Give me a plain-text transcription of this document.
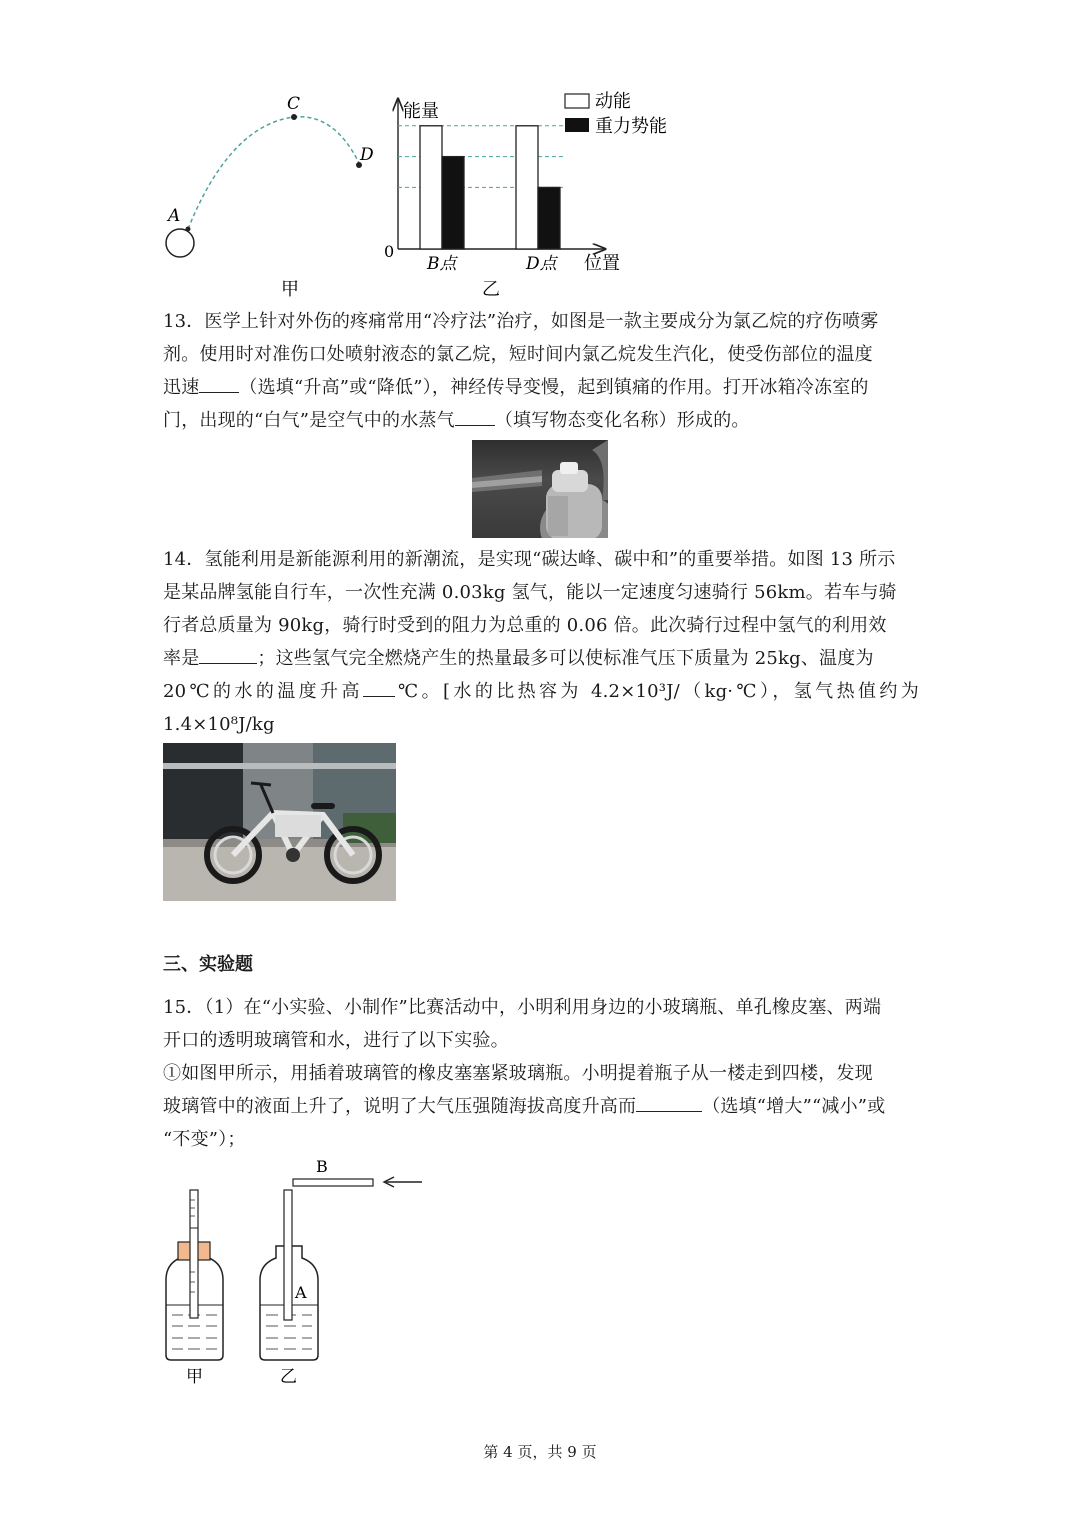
A
C
D
甲
能量
位置
0
B点	D点
乙
动能
重力势能

13．医学上针对外伤的疼痛常用“冷疗法”治疗，如图是一款主要成分为氯乙烷的疗伤喷雾

剂。使用时对准伤口处喷射液态的氯乙烷，短时间内氯乙烷发生汽化，使受伤部位的温度

迅速 （选填“升高”或“降低”），神经传导变慢，起到镇痛的作用。打开冰箱冷冻室的

门，出现的“白气”是空气中的水蒸气 （填写物态变化名称）形成的。

14．氢能利用是新能源利用的新潮流，是实现“碳达峰、碳中和”的重要举措。如图 13 所示

是某品牌氢能自行车，一次性充满 0.03kg 氢气，能以一定速度匀速骑行 56km。若车与骑

行者总质量为 90kg，骑行时受到的阻力为总重的 0.06 倍。此次骑行过程中氢气的利用效

率是	；这些氢气完全燃烧产生的热量最多可以使标准气压下质量为 25kg、温度为

20℃的水的温度升高 ℃。[水的比热容为 4.2×10³J/（kg·℃），氢气热值约为 1.4×10⁸J/kg

三、实验题

15．（1）在“小实验、小制作”比赛活动中，小明利用身边的小玻璃瓶、单孔橡皮塞、两端

开口的透明玻璃管和水，进行了以下实验。

①如图甲所示，用插着玻璃管的橡皮塞塞紧玻璃瓶。小明提着瓶子从一楼走到四楼，发现

玻璃管中的液面上升了，说明了大气压强随海拔高度升高而	（选填“增大”“减小”或

“不变”）；

甲
A
B
乙
第 4 页，共 9 页
